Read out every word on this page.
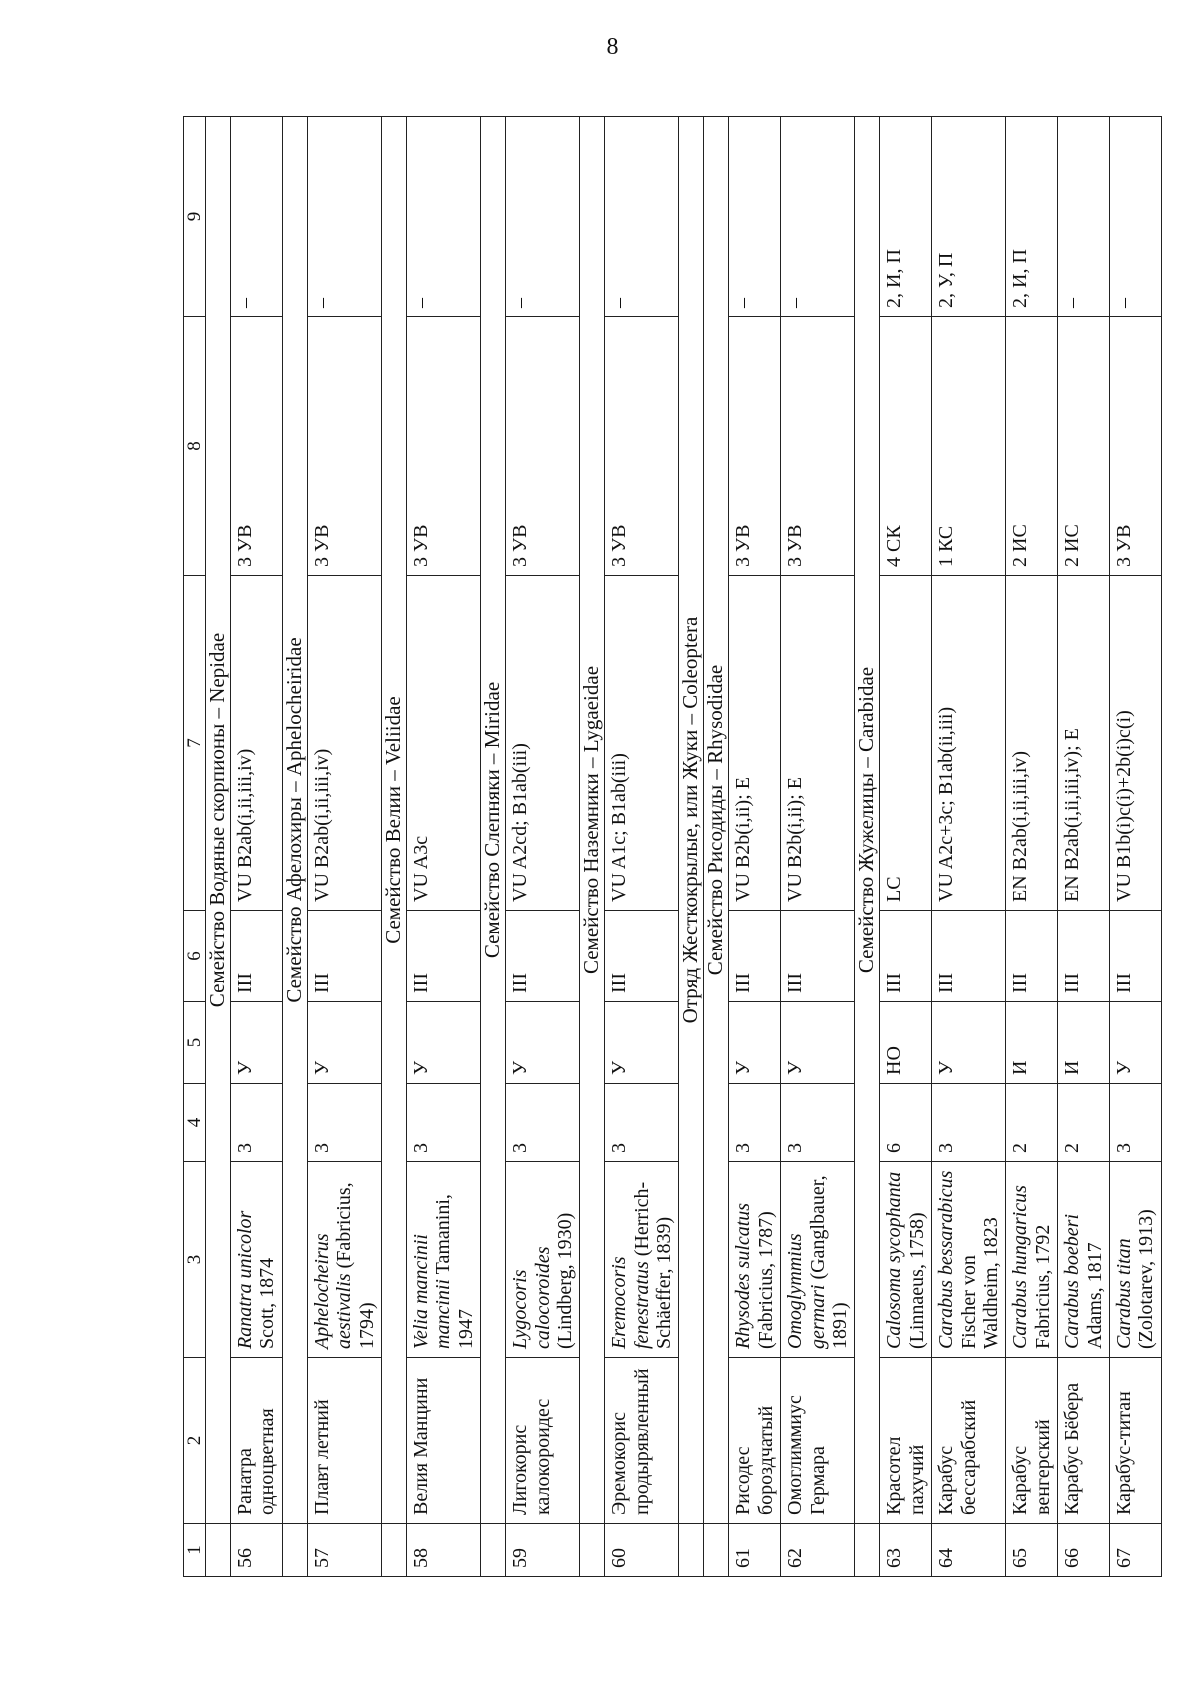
8
1	2	3	4	5	6	7	8	9
	Семейство Водяные скорпионы – Nepidae							
56	Ранатра одноцветная	Ranatra unicolor Scott, 1874	3	У	III	VU B2ab(i,ii,iii,iv)	3 УВ	–
	Семейство Афелохиры – Aphelocheiridae							
57	Плавт летний	Aphelocheirus aestivalis (Fabricius, 1794)	3	У	III	VU B2ab(i,ii,iii,iv)	3 УВ	–
	Семейство Велии – Veliidae							
58	Велия Манцини	Velia mancinii mancinii Tamanini, 1947	3	У	III	VU A3c	3 УВ	–
	Семейство Слепняки – Miridae							
59	Лигокорис калокороидес	Lygocoris calocoroides (Lindberg, 1930)	3	У	III	VU A2cd; B1ab(iii)	3 УВ	–
	Семейство Наземники – Lygaeidae							
60	Эремокорис продырявленный	Eremocoris fenestratus (Herrich-Schäeffer, 1839)	3	У	III	VU A1c; B1ab(iii)	3 УВ	–
	Отряд Жесткокрылые, или Жуки – Coleoptera							
	Семейство Рисодиды – Rhysodidae							
61	Рисодес бороздчатый	Rhysodes sulcatus (Fabricius, 1787)	3	У	III	VU B2b(i,ii); E	3 УВ	–
62	Омоглиммиус Гермара	Omoglymmius germari (Ganglbauer, 1891)	3	У	III	VU B2b(i,ii); E	3 УВ	–
	Семейство Жужелицы – Carabidae							
63	Красотел пахучий	Calosoma sycophanta (Linnaeus, 1758)	6	НО	III	LC	4 СК	2, И, П
64	Карабус бессарабский	Carabus bessarabicus Fischer von Waldheim, 1823	3	У	III	VU A2c+3c; B1ab(ii,iii)	1 КС	2, У, П
65	Карабус венгерский	Carabus hungaricus Fabricius, 1792	2	И	III	EN B2ab(i,ii,iii,iv)	2 ИС	2, И, П
66	Карабус Бёбера	Carabus boeberi Adams, 1817	2	И	III	EN B2ab(i,ii,iii,iv); E	2 ИС	–
67	Карабус-титан	Carabus titan (Zolotarev, 1913)	3	У	III	VU B1b(i)c(i)+2b(i)c(i)	3 УВ	–
